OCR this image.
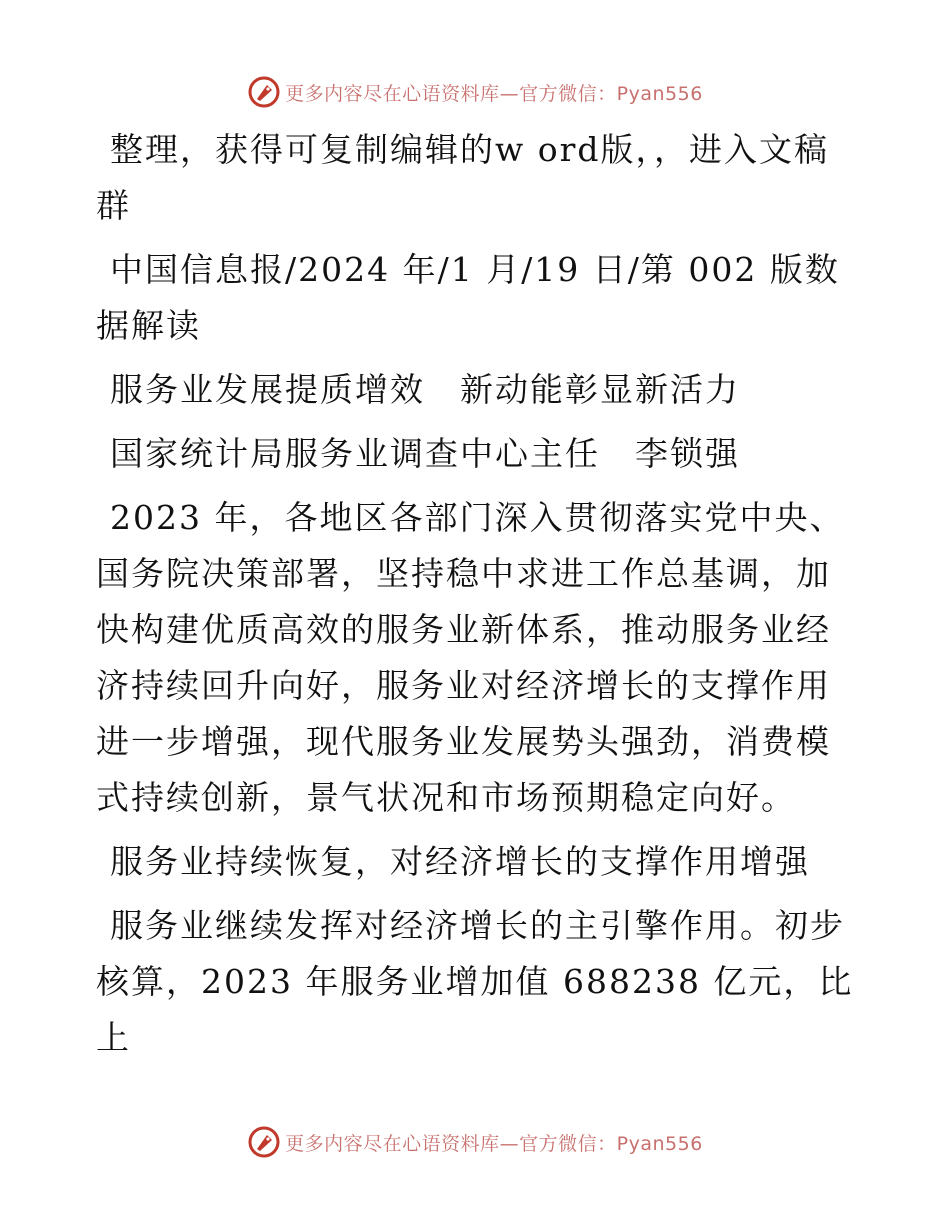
更多内容尽在心语资料库—官方微信：Pyan556

整理，获得可复制编辑的w ord版，，进入文稿群

中国信息报/2024 年/1 月/19 日/第 002 版数据解读

服务业发展提质增效　新动能彰显新活力

国家统计局服务业调查中心主任　李锁强

2023 年，各地区各部门深入贯彻落实党中央、国务院决策部署，坚持稳中求进工作总基调，加快构建优质高效的服务业新体系，推动服务业经济持续回升向好，服务业对经济增长的支撑作用进一步增强，现代服务业发展势头强劲，消费模式持续创新，景气状况和市场预期稳定向好。

服务业持续恢复，对经济增长的支撑作用增强

服务业继续发挥对经济增长的主引擎作用。初步核算，2023 年服务业增加值 688238 亿元，比上

更多内容尽在心语资料库—官方微信：Pyan556
